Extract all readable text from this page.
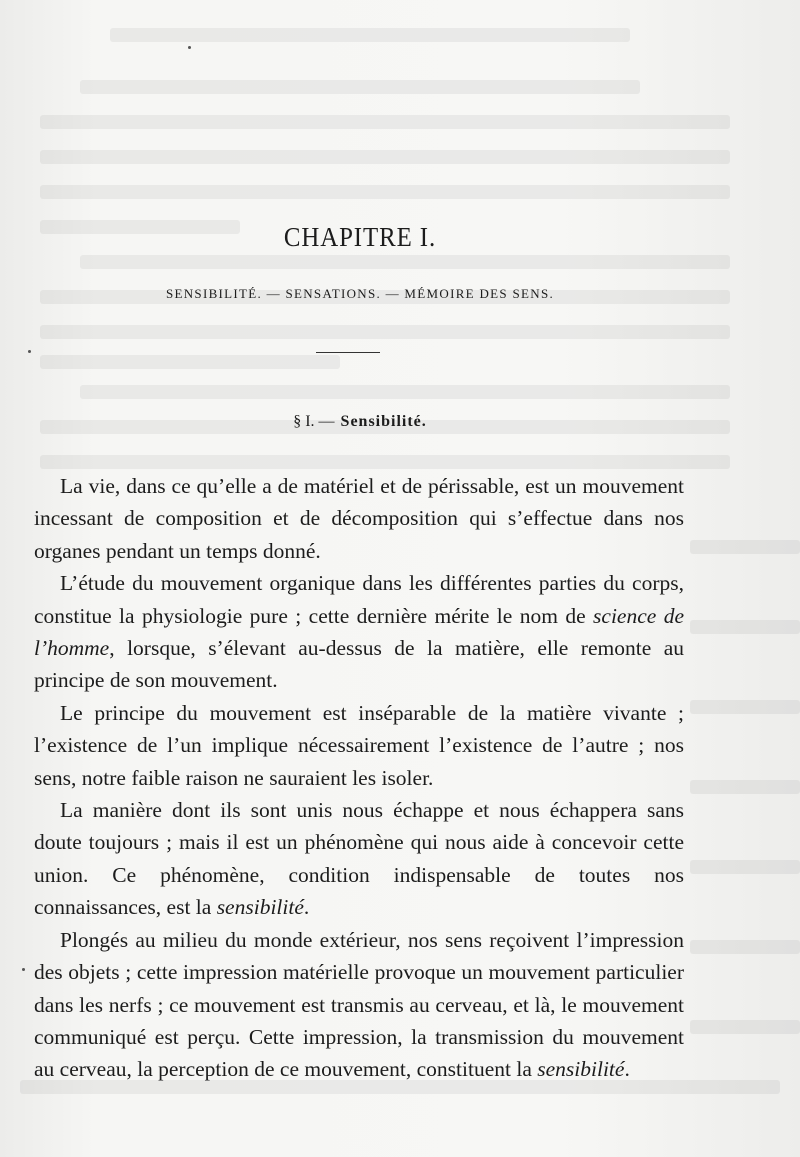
CHAPITRE I.
SENSIBILITÉ. — SENSATIONS. — MÉMOIRE DES SENS.
§ I. — Sensibilité.

La vie, dans ce qu’elle a de matériel et de périssable, est un mouvement incessant de composition et de décomposition qui s’effectue dans nos organes pendant un temps donné.

L’étude du mouvement organique dans les différentes parties du corps, constitue la physiologie pure ; cette dernière mérite le nom de science de l’homme, lorsque, s’élevant au-dessus de la matière, elle remonte au principe de son mouvement.

Le principe du mouvement est inséparable de la matière vivante ; l’existence de l’un implique nécessairement l’existence de l’autre ; nos sens, notre faible raison ne sauraient les isoler.

La manière dont ils sont unis nous échappe et nous échappera sans doute toujours ; mais il est un phénomène qui nous aide à concevoir cette union. Ce phénomène, condition indispensable de toutes nos connaissances, est la sensibilité.

Plongés au milieu du monde extérieur, nos sens reçoivent l’impression des objets ; cette impression matérielle provoque un mouvement particulier dans les nerfs ; ce mouvement est transmis au cerveau, et là, le mouvement communiqué est perçu. Cette impression, la transmission du mouvement au cerveau, la perception de ce mouvement, constituent la sensibilité.
